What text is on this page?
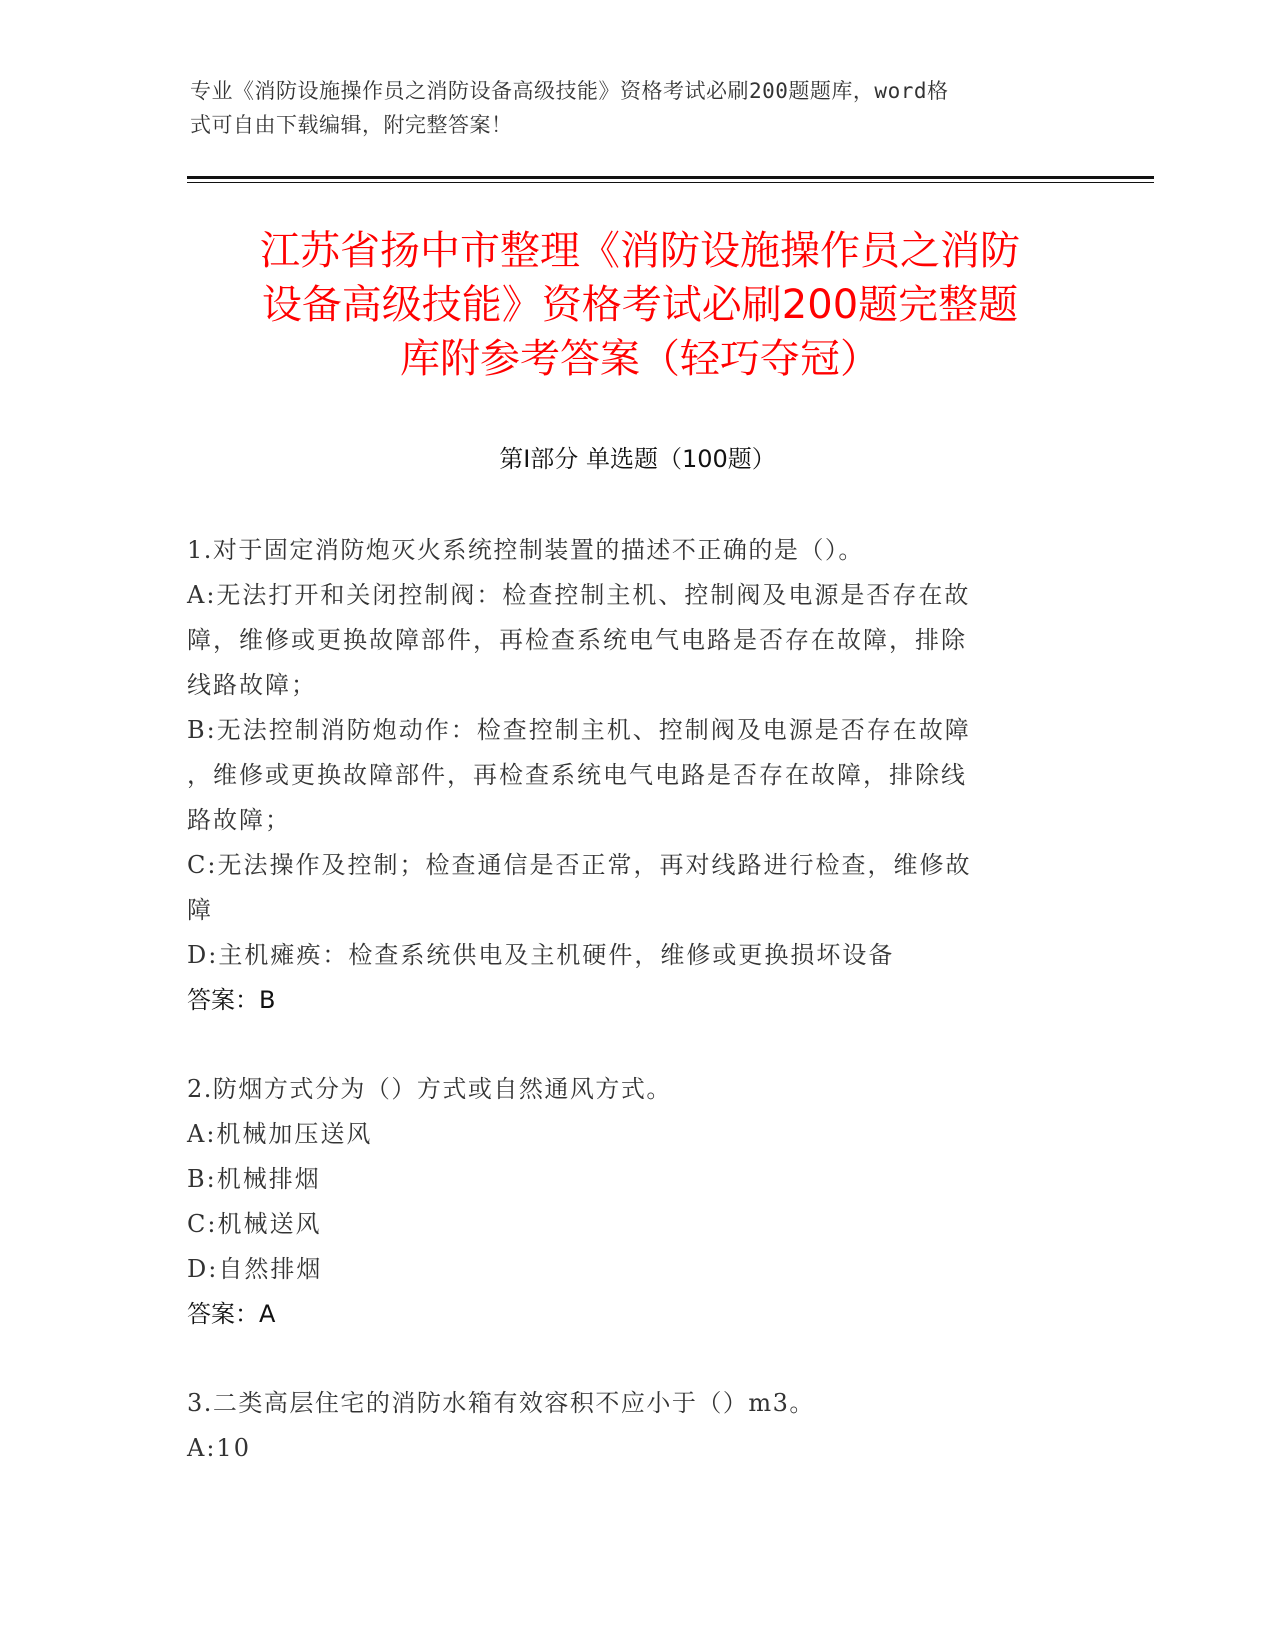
专业《消防设施操作员之消防设备高级技能》资格考试必刷200题题库，word格
式可自由下载编辑，附完整答案！
江苏省扬中市整理《消防设施操作员之消防
设备高级技能》资格考试必刷200题完整题
库附参考答案（轻巧夺冠）
第Ⅰ部分 单选题（100题）
1.对于固定消防炮灭火系统控制装置的描述不正确的是（）。
A:无法打开和关闭控制阀：检查控制主机、控制阀及电源是否存在故
障，维修或更换故障部件，再检查系统电气电路是否存在故障，排除
线路故障；
B:无法控制消防炮动作：检查控制主机、控制阀及电源是否存在故障
，维修或更换故障部件，再检查系统电气电路是否存在故障，排除线
路故障；
C:无法操作及控制；检查通信是否正常，再对线路进行检查，维修故
障
D:主机瘫痪：检查系统供电及主机硬件，维修或更换损坏设备
答案：B
2.防烟方式分为（）方式或自然通风方式。
A:机械加压送风
B:机械排烟
C:机械送风
D:自然排烟
答案：A
3.二类高层住宅的消防水箱有效容积不应小于（）m3。
A:10
